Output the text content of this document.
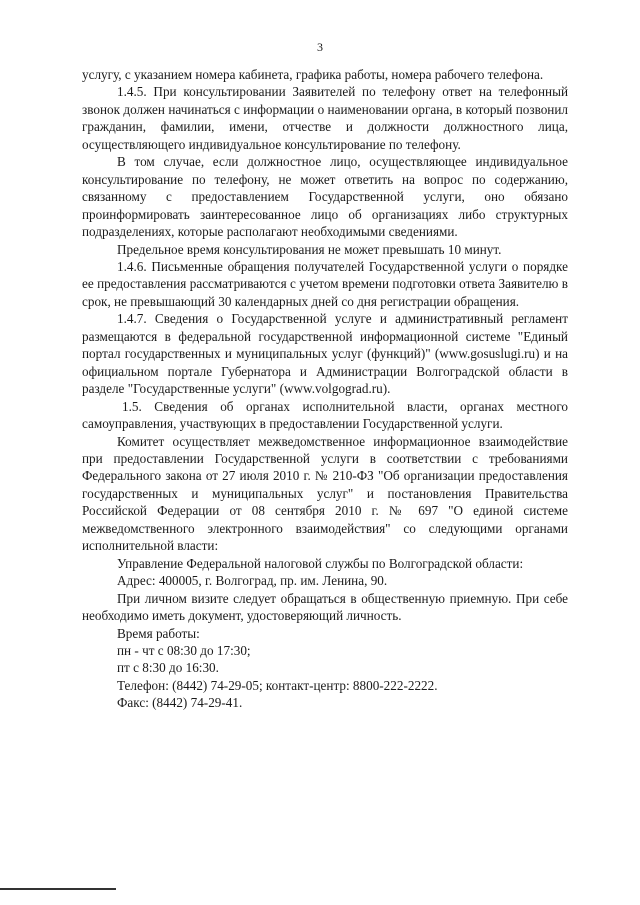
3

услугу, с указанием номера кабинета, графика работы, номера рабочего телефона.

1.4.5. При консультировании Заявителей по телефону ответ на телефонный звонок должен начинаться с информации о наименовании органа, в который позвонил гражданин, фамилии, имени, отчестве и должности должностного лица, осуществляющего индивидуальное консультирование по телефону.

В том случае, если должностное лицо, осуществляющее индивидуальное консультирование по телефону, не может ответить на вопрос по содержанию, связанному с предоставлением Государственной услуги, оно обязано проинформировать заинтересованное лицо об организациях либо структурных подразделениях, которые располагают необходимыми сведениями.

Предельное время консультирования не может превышать 10 минут.

1.4.6. Письменные обращения получателей Государственной услуги о порядке ее предоставления рассматриваются с учетом времени подготовки ответа Заявителю в срок, не превышающий 30 календарных дней со дня регистрации обращения.

1.4.7. Сведения о Государственной услуге и административный регламент размещаются в федеральной государственной информационной системе "Единый портал государственных и муниципальных услуг (функций)" (www.gosuslugi.ru) и на официальном портале Губернатора и Администрации Волгоградской области в разделе "Государственные услуги" (www.volgograd.ru).

1.5. Сведения об органах исполнительной власти, органах местного самоуправления, участвующих в предоставлении Государственной услуги.

Комитет осуществляет межведомственное информационное взаимодействие при предоставлении Государственной услуги в соответствии с требованиями Федерального закона от 27 июля 2010 г. № 210-ФЗ "Об организации предоставления государственных и муниципальных услуг" и постановления Правительства Российской Федерации от 08 сентября 2010 г. № 697 "О единой системе межведомственного электронного взаимодействия" со следующими органами исполнительной власти:

Управление Федеральной налоговой службы по Волгоградской области:

Адрес: 400005, г. Волгоград, пр. им. Ленина, 90.

При личном визите следует обращаться в общественную приемную. При себе необходимо иметь документ, удостоверяющий личность.

Время работы:

пн - чт с 08:30 до 17:30;

пт с 8:30 до 16:30.

Телефон: (8442) 74-29-05; контакт-центр: 8800-222-2222.

Факс: (8442) 74-29-41.
